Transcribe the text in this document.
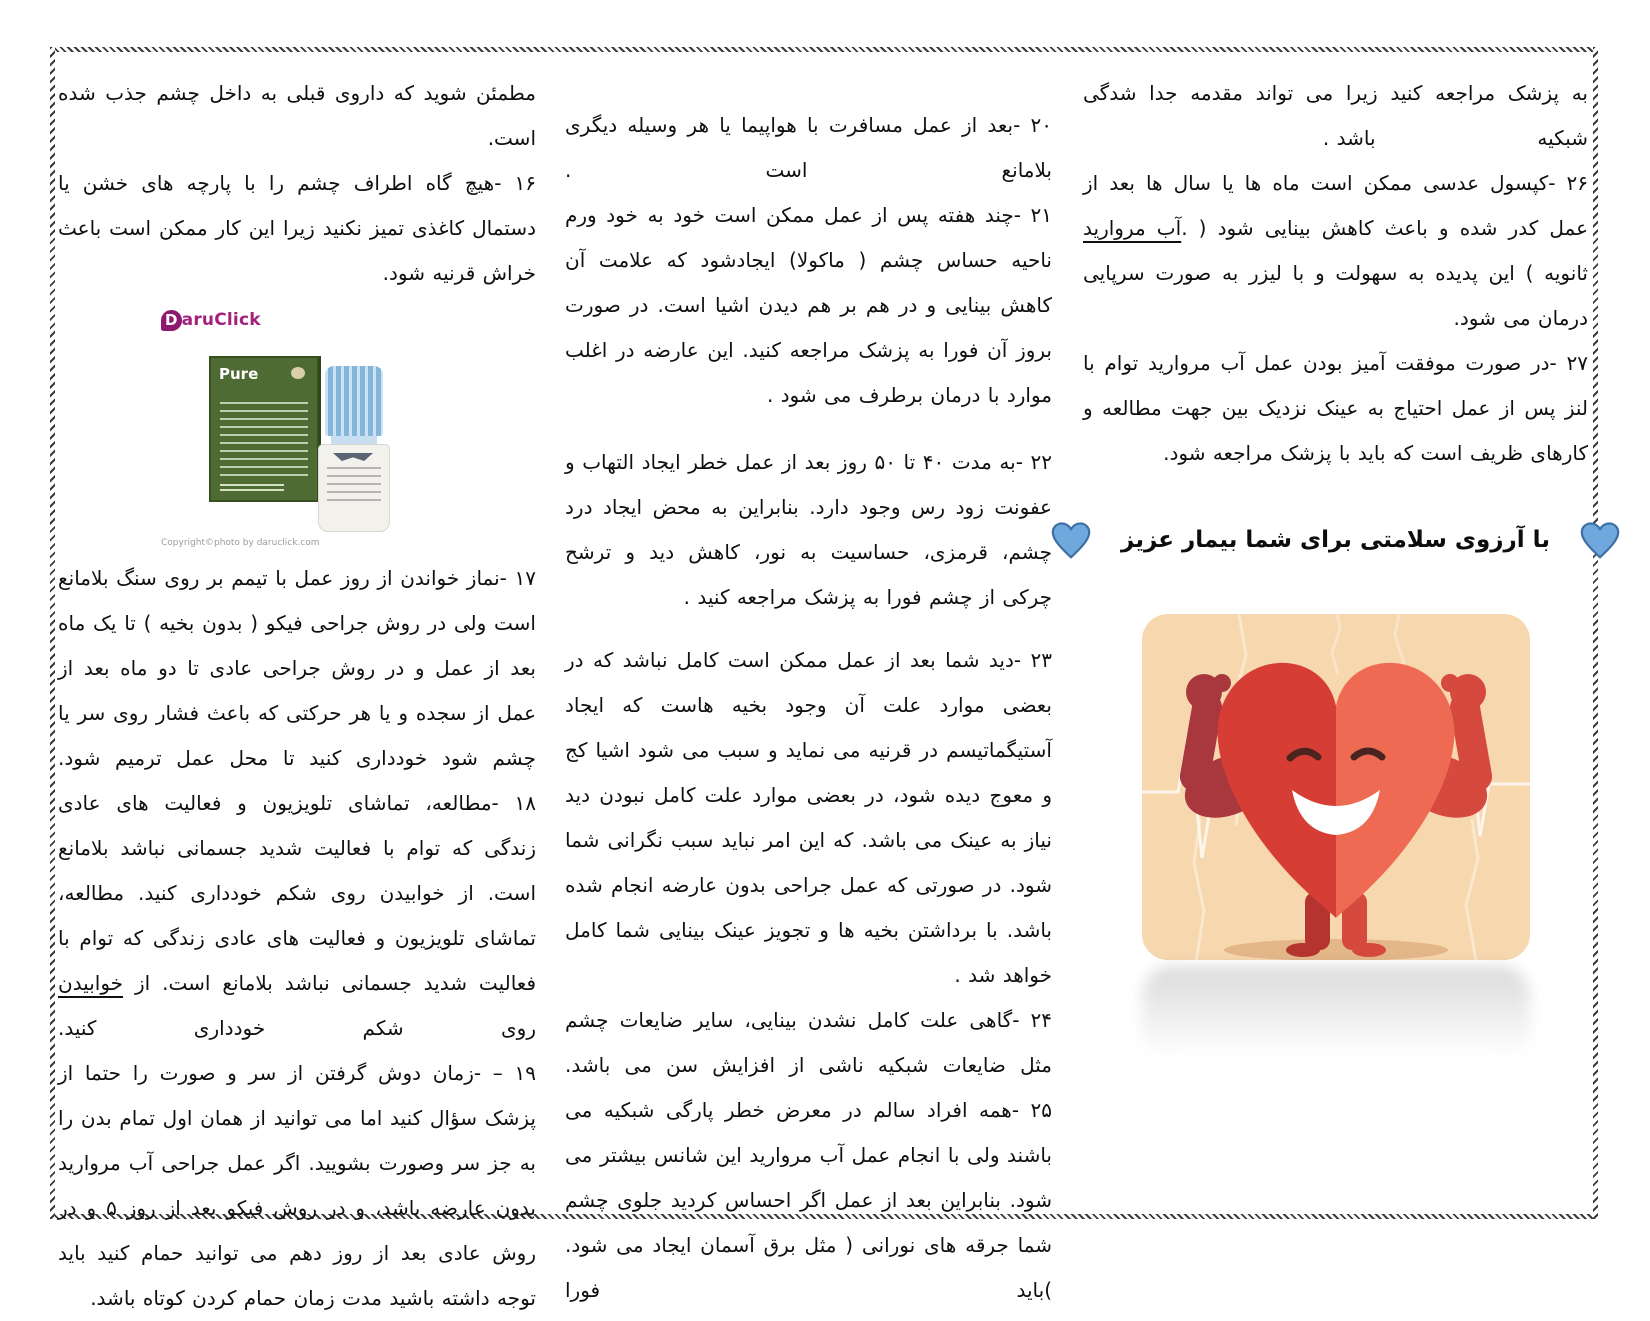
به پزشک مراجعه کنید زیرا می تواند مقدمه جدا شدگی شبکیه                      باشد .

۲۶ -کپسول عدسی ممکن است ماه ها یا سال ها بعد از عمل کدر شده و باعث کاهش بینایی شود ( .آب مروارید ثانویه ) این پدیده به سهولت و با لیزر به صورت سرپایی درمان می شود.

۲۷ -در صورت موفقت آمیز بودن عمل آب مروارید توام با لنز پس از عمل احتیاج به عینک نزدیک بین جهت مطالعه و کارهای ظریف است که باید با پزشک مراجعه شود.

با آرزوی سلامتی برای شما بیمار عزیز

۲۰ -بعد از عمل مسافرت با هواپیما یا هر وسیله دیگری بلامانع است .

۲۱ -چند هفته پس از عمل ممکن است خود به خود ورم ناحیه حساس چشم ( ماکولا) ایجادشود که علامت آن کاهش بینایی و در هم بر هم دیدن اشیا است. در صورت بروز آن فورا به پزشک مراجعه کنید. این عارضه در اغلب موارد با درمان برطرف می شود .

۲۲ -به مدت ۴۰ تا ۵۰ روز بعد از عمل خطر ایجاد التهاب و عفونت زود رس وجود دارد. بنابراین به محض ایجاد درد چشم، قرمزی، حساسیت به نور، کاهش دید و ترشح چرکی از چشم فورا به پزشک مراجعه کنید .

۲۳ -دید شما بعد از عمل ممکن است کامل نباشد که در بعضی موارد علت آن وجود بخیه هاست که ایجاد آستیگماتیسم در قرنیه می نماید و سبب می شود اشیا کج و معوج دیده شود، در بعضی موارد علت کامل نبودن دید نیاز به عینک می باشد. که این امر نباید سبب نگرانی شما شود. در صورتی که عمل جراحی بدون عارضه انجام شده باشد. با برداشتن بخیه ها و تجویز عینک بینایی شما کامل خواهد شد .

۲۴ -گاهی علت کامل نشدن بینایی، سایر ضایعات چشم مثل ضایعات شبکیه ناشی از افزایش سن می باشد.

۲۵ -همه افراد سالم در معرض خطر پارگی شبکیه می باشند ولی با انجام عمل آب مروارید این شانس بیشتر می شود. بنابراین بعد از عمل اگر احساس کردید جلوی چشم شما جرقه های نورانی ( مثل برق آسمان ایجاد می شود. )باید فورا

مطمئن شوید که داروی قبلی به داخل چشم جذب شده است.

۱۶ -هیچ گاه اطراف چشم را با پارچه های خشن یا دستمال کاغذی تمیز نکنید زیرا این کار ممکن است باعث خراش قرنیه شود.

D aruClick
Pure
Copyright©photo by daruclick.com

۱۷ -نماز خواندن از روز عمل با تیمم بر روی سنگ بلامانع است ولی در روش جراحی فیکو ( بدون بخیه ) تا یک ماه بعد از عمل و در روش جراحی عادی تا دو ماه بعد از عمل از سجده و یا هر حرکتی که باعث فشار روی سر یا چشم شود خودداری کنید تا محل عمل ترمیم شود.

۱۸ -مطالعه، تماشای تلویزیون و فعالیت های عادی زندگی که توام با فعالیت شدید جسمانی نباشد بلامانع است. از خوابیدن روی شکم خودداری کنید. مطالعه، تماشای تلویزیون و فعالیت های عادی زندگی که توام با فعالیت شدید جسمانی نباشد بلامانع است. از خوابیدن روی شکم خودداری کنید.

۱۹ – -زمان دوش گرفتن از سر و صورت را حتما از پزشک سؤال کنید اما می توانید از همان اول تمام بدن را به جز سر وصورت بشویید. اگر عمل جراحی آب مروارید بدون عارضه باشد، و در روش فیکو بعد از روز ۵ و در روش عادی بعد از روز دهم می توانید حمام کنید باید توجه داشته باشید مدت زمان حمام کردن کوتاه باشد.
